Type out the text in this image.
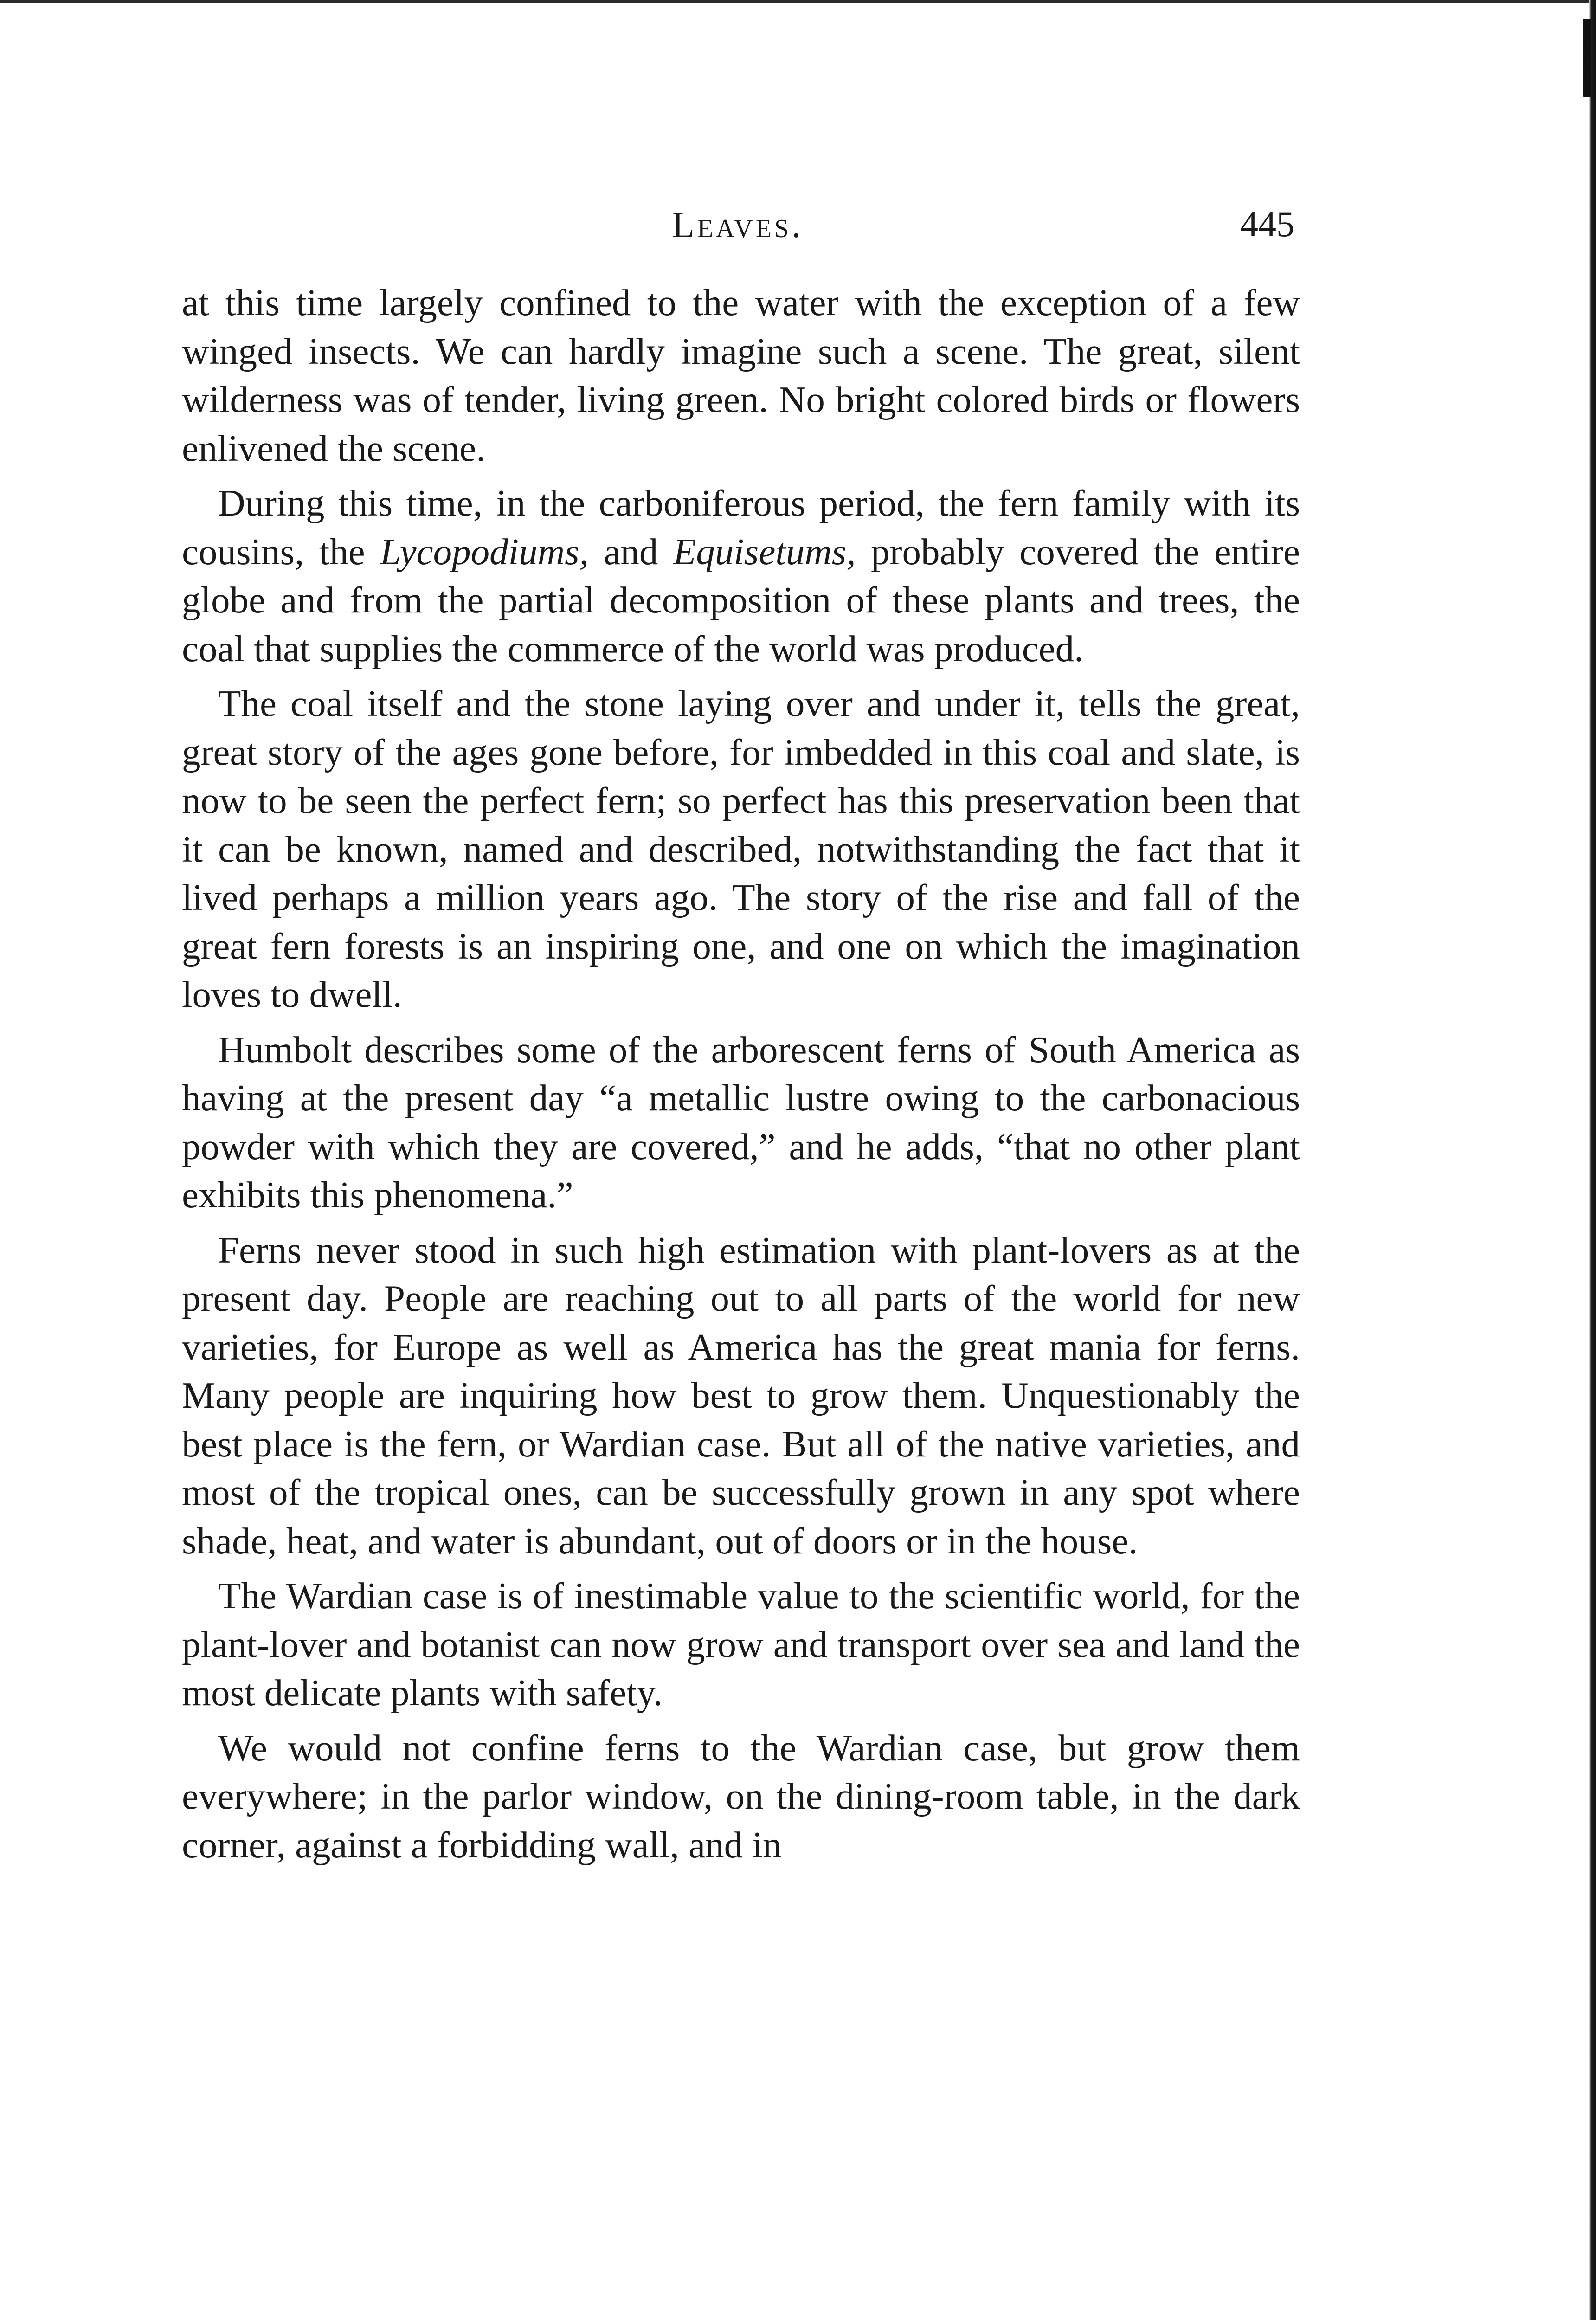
Leaves.	445

at this time largely confined to the water with the exception of a few winged insects. We can hardly imagine such a scene. The great, silent wilderness was of tender, living green. No bright colored birds or flowers enlivened the scene.

During this time, in the carboniferous period, the fern family with its cousins, the Lycopodiums, and Equisetums, probably covered the entire globe and from the partial decomposition of these plants and trees, the coal that supplies the commerce of the world was produced.

The coal itself and the stone laying over and under it, tells the great, great story of the ages gone before, for imbedded in this coal and slate, is now to be seen the perfect fern; so perfect has this preservation been that it can be known, named and described, notwithstanding the fact that it lived perhaps a million years ago. The story of the rise and fall of the great fern forests is an inspiring one, and one on which the imagination loves to dwell.

Humbolt describes some of the arborescent ferns of South America as having at the present day “a metallic lustre owing to the carbonacious powder with which they are covered,” and he adds, “that no other plant exhibits this phenomena.”

Ferns never stood in such high estimation with plant-lovers as at the present day. People are reaching out to all parts of the world for new varieties, for Europe as well as America has the great mania for ferns. Many people are inquiring how best to grow them. Unquestionably the best place is the fern, or Wardian case. But all of the native varieties, and most of the tropical ones, can be successfully grown in any spot where shade, heat, and water is abundant, out of doors or in the house.

The Wardian case is of inestimable value to the scientific world, for the plant-lover and botanist can now grow and transport over sea and land the most delicate plants with safety.

We would not confine ferns to the Wardian case, but grow them everywhere; in the parlor window, on the dining-room table, in the dark corner, against a forbidding wall, and in
